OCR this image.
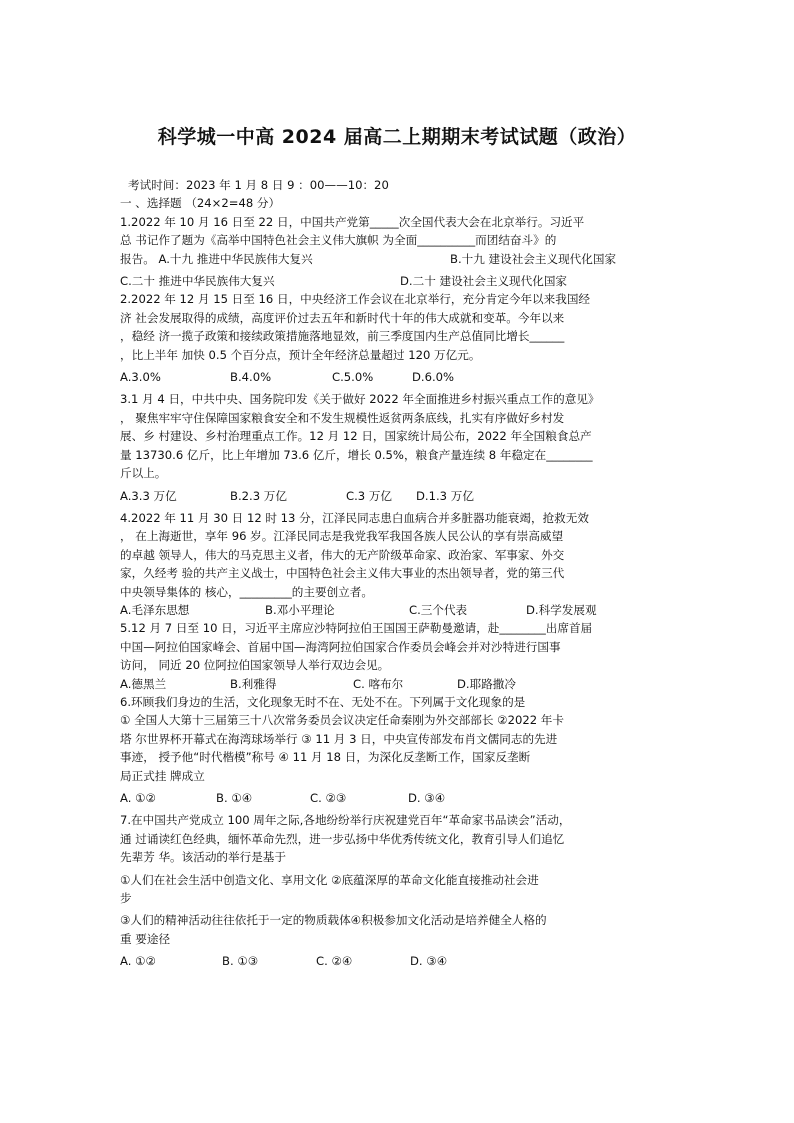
科学城一中高 2024 届高二上期期末考试试题（政治）
考试时间：2023 年 1 月 8 日 9 ：00——10：20
一 、选择题 （24×2=48 分）
1.2022 年 10 月 16 日至 22 日，中国共产党第_____次全国代表大会在北京举行。习近平
总 书记作了题为《高举中国特色社会主义伟大旗帜 为全面__________而团结奋斗》的
报告。 A.十九 推进中华民族伟大复兴	B.十九 建设社会主义现代化国家
C.二十 推进中华民族伟大复兴	D.二十 建设社会主义现代化国家
2.2022 年 12 月 15 日至 16 日，中央经济工作会议在北京举行，充分肯定今年以来我国经
济 社会发展取得的成绩，高度评价过去五年和新时代十年的伟大成就和变革。今年以来
，稳经 济一揽子政策和接续政策措施落地显效，前三季度国内生产总值同比增长______
，比上半年 加快 0.5 个百分点，预计全年经济总量超过 120 万亿元。
A.3.0%	B.4.0%	C.5.0%	D.6.0%
3.1 月 4 日，中共中央、国务院印发《关于做好 2022 年全面推进乡村振兴重点工作的意见》
， 聚焦牢牢守住保障国家粮食安全和不发生规模性返贫两条底线，扎实有序做好乡村发
展、乡 村建设、乡村治理重点工作。12 月 12 日，国家统计局公布，2022 年全国粮食总产
量 13730.6 亿斤，比上年增加 73.6 亿斤，增长 0.5%，粮食产量连续 8 年稳定在________
斤以上。
A.3.3 万亿	B.2.3 万亿	C.3 万亿	D.1.3 万亿
4.2022 年 11 月 30 日 12 时 13 分，江泽民同志患白血病合并多脏器功能衰竭，抢救无效
， 在上海逝世，享年 96 岁。江泽民同志是我党我军我国各族人民公认的享有崇高威望
的卓越 领导人，伟大的马克思主义者，伟大的无产阶级革命家、政治家、军事家、外交
家，久经考 验的共产主义战士，中国特色社会主义伟大事业的杰出领导者，党的第三代
中央领导集体的 核心，_________的主要创立者。
A.毛泽东思想	B.邓小平理论	C.三个代表	D.科学发展观
5.12 月 7 日至 10 日，习近平主席应沙特阿拉伯王国国王萨勒曼邀请，赴________出席首届
中国—阿拉伯国家峰会、首届中国—海湾阿拉伯国家合作委员会峰会并对沙特进行国事
访问， 同近 20 位阿拉伯国家领导人举行双边会见。
A.德黑兰	B.利雅得	C. 喀布尔	D.耶路撒冷
6.环顾我们身边的生活，文化现象无时不在、无处不在。下列属于文化现象的是
① 全国人大第十三届第三十八次常务委员会议决定任命秦刚为外交部部长 ②2022 年卡
塔 尔世界杯开幕式在海湾球场举行 ③ 11 月 3 日，中央宣传部发布肖文儒同志的先进
事迹， 授予他“时代楷模”称号 ④ 11 月 18 日，为深化反垄断工作，国家反垄断
局正式挂 牌成立
A. ①②	B. ①④	C. ②③	D. ③④
7.在中国共产党成立 100 周年之际,各地纷纷举行庆祝建党百年“革命家书品读会”活动，
通 过诵读红色经典，缅怀革命先烈，进一步弘扬中华优秀传统文化，教育引导人们追忆
先辈芳 华。该活动的举行是基于
①人们在社会生活中创造文化、享用文化 ②底蕴深厚的革命文化能直接推动社会进
步
③人们的精神活动往往依托于一定的物质载体④积极参加文化活动是培养健全人格的
重 要途径
A. ①②	B. ①③	C. ②④	D. ③④
